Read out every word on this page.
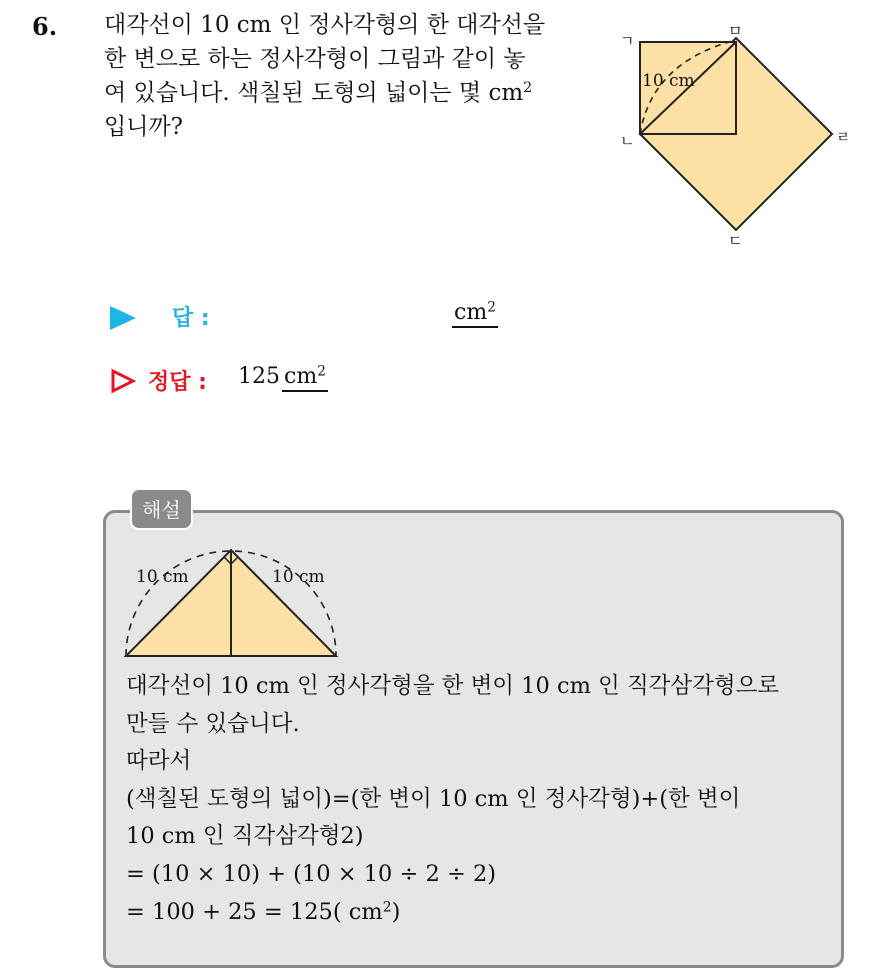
6. 대각선이 10 cm 인 정사각형의 한 대각선을
한 변으로 하는 정사각형이 그림과 같이 놓
여 있습니다. 색칠된 도형의 넓이는 몇 $cm^2$
입니까?
10 cm
ㄱ
ㄴ
ㄷ
ㄹ
ㅁ
답 :	$cm^2$
정답 : 125 $cm^2$
해설
10 cm	10 cm
대각선이 10 cm 인 정사각형을 한 변이 10 cm 인 직각삼각형으로
만들 수 있습니다.
따라서
(색칠된 도형의 넓이)=(한 변이 10 cm 인 정사각형)+(한 변이
10 cm 인 직각삼각형2)
= (10 × 10) + (10 × 10 ÷ 2 ÷ 2)
= 100 + 25 = 125( $cm^2$)
